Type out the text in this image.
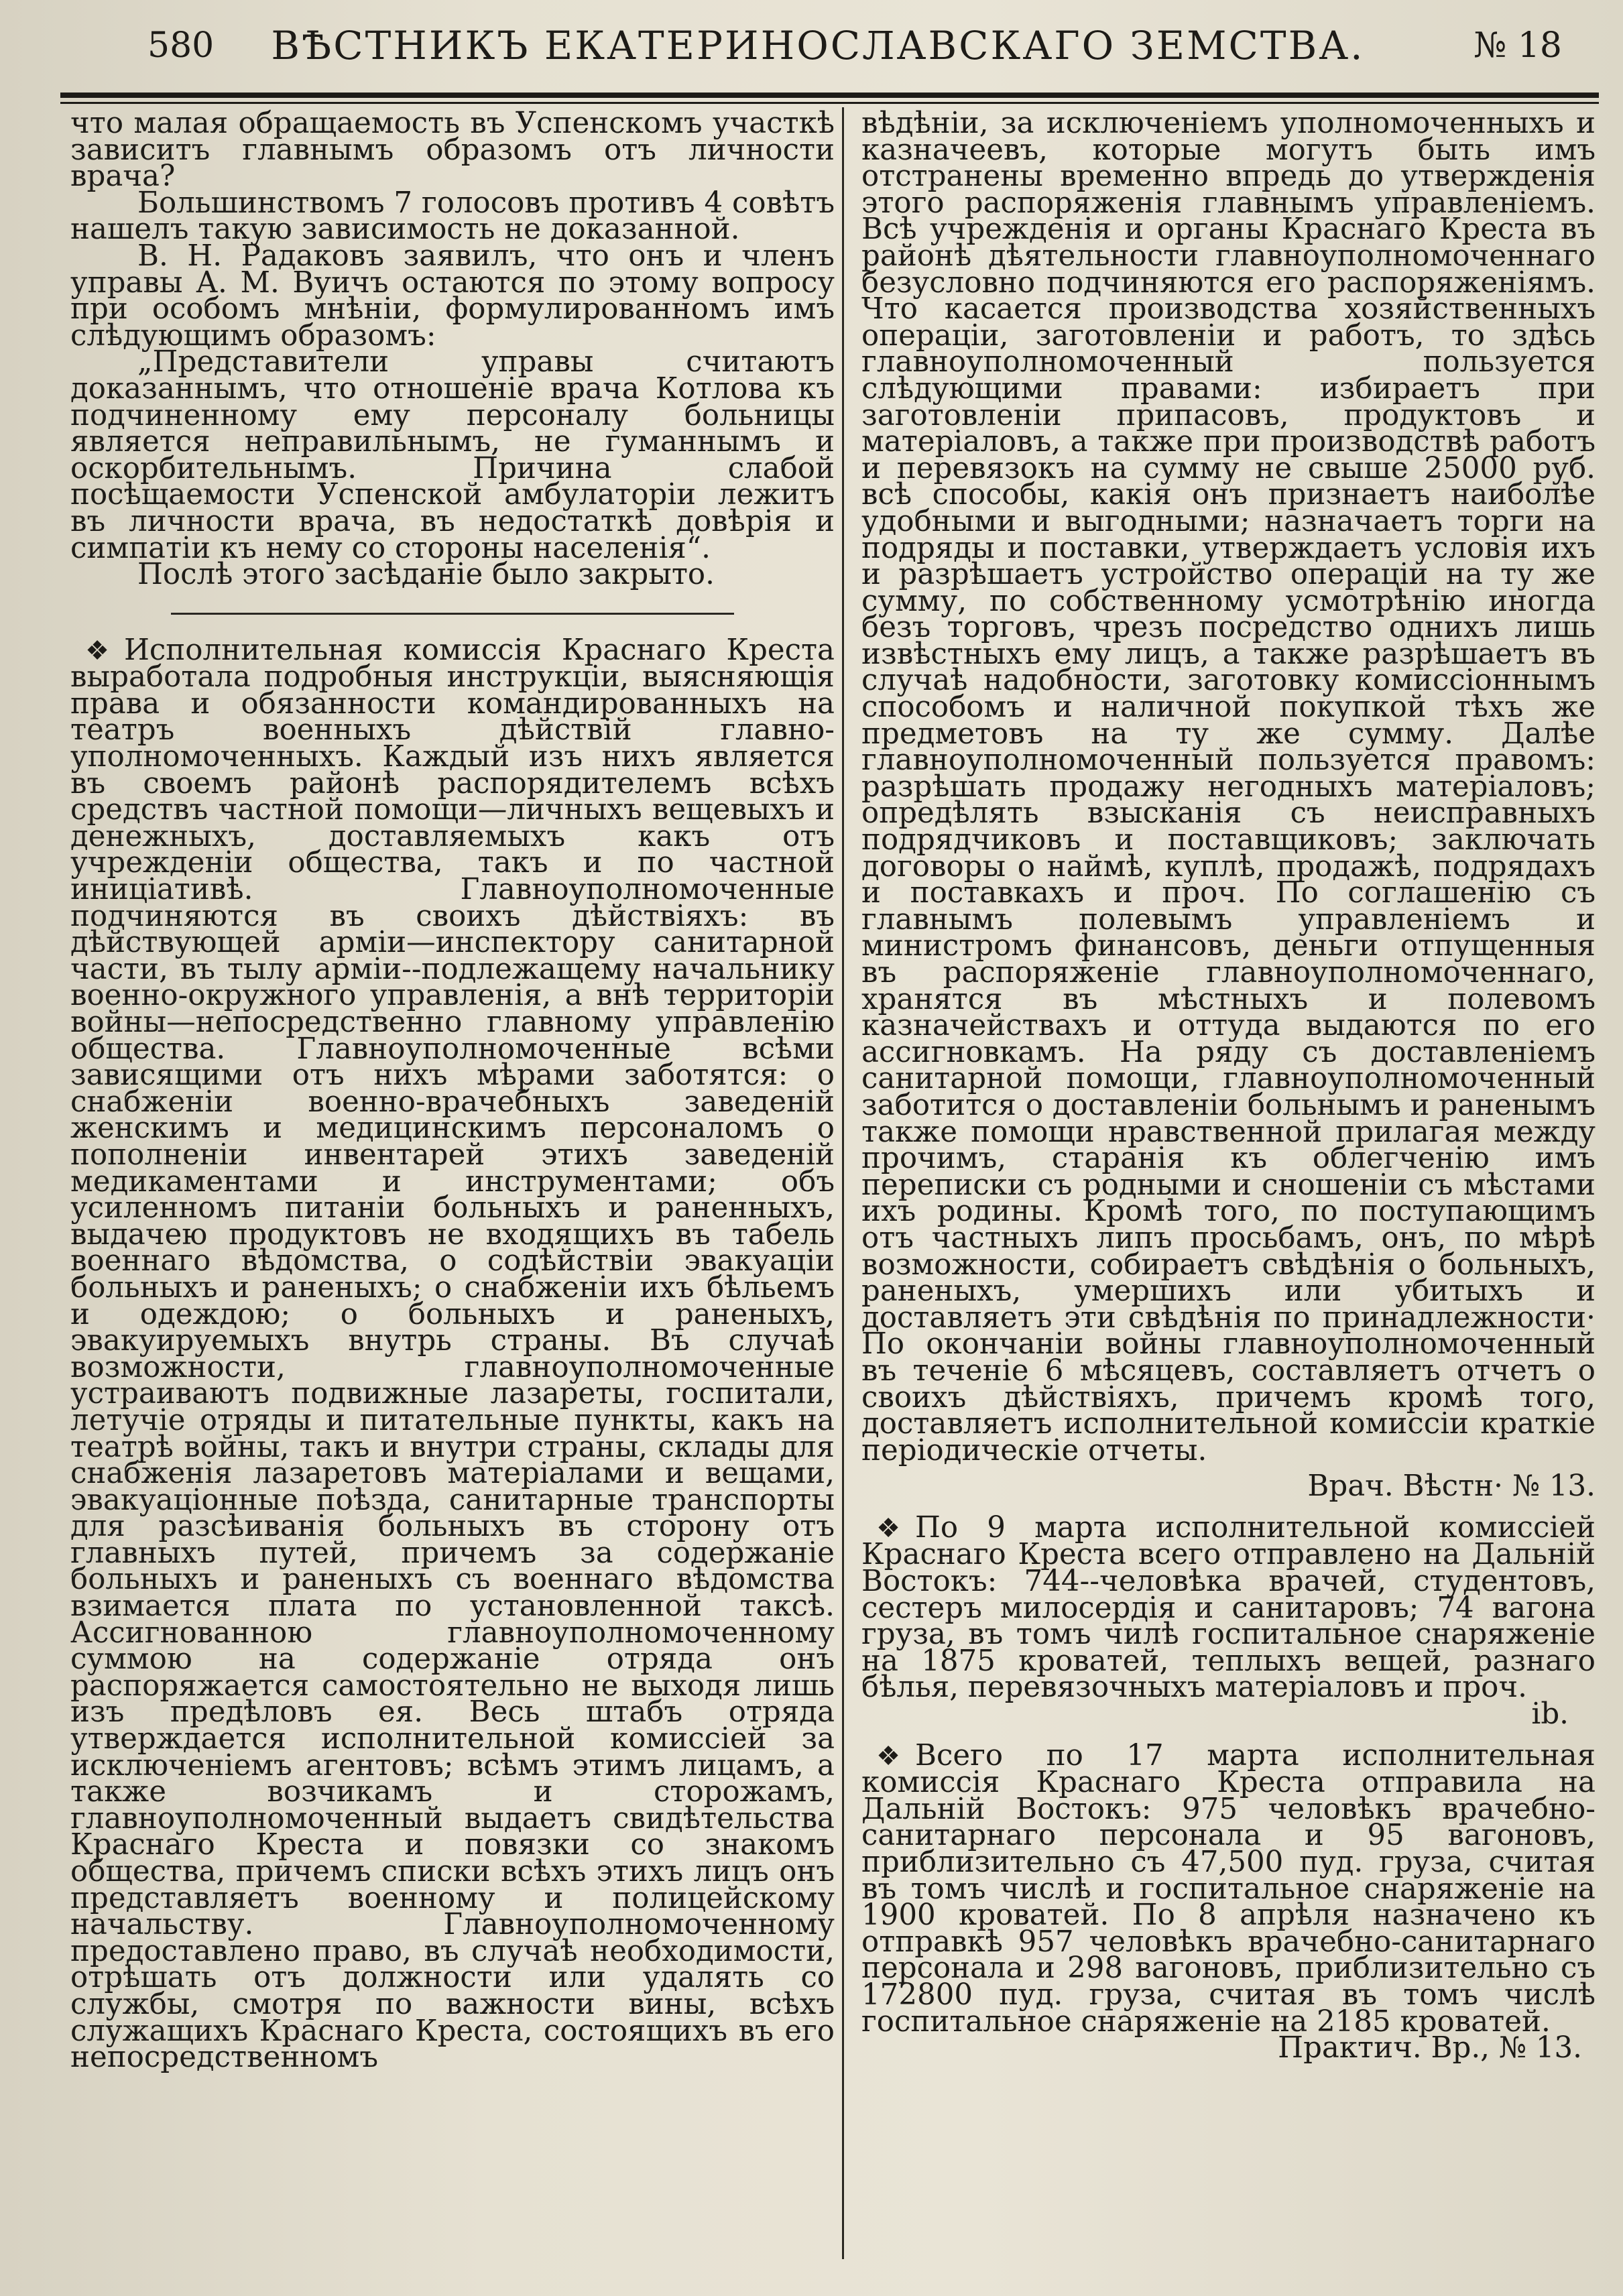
580	ВѢСТНИКЪ ЕКАТЕРИНОСЛАВСКАГО ЗЕМСТВА.	№ 18

что малая обращаемость въ Успенскомъ участкѣ зависитъ главнымъ образомъ отъ личности врача?

Большинствомъ 7 голосовъ противъ 4 совѣтъ нашелъ такую зависимость не доказанной.

В. Н. Радаковъ заявилъ, что онъ и членъ управы А. М. Вуичъ остаются по этому вопросу при особомъ мнѣніи, формулированномъ имъ слѣдующимъ образомъ:

„Представители управы считаютъ доказаннымъ, что отношеніе врача Котлова къ подчиненному ему персоналу больницы является неправильнымъ, не гуманнымъ и оскорбительнымъ. Причина слабой посѣщаемости Успенской амбулаторіи лежитъ въ личности врача, въ недостаткѣ довѣрія и симпатіи къ нему со стороны населенія“.

Послѣ этого засѣданіе было закрыто.

❖ Исполнительная комиссія Краснаго Креста выработала подробныя инструкціи, выясняющія права и обязанности командированныхъ на театръ военныхъ дѣйствій главно-уполномоченныхъ. Каждый изъ нихъ является въ своемъ районѣ распорядителемъ всѣхъ средствъ частной помощи—личныхъ вещевыхъ и денежныхъ, доставляемыхъ какъ отъ учрежденіи общества, такъ и по частной иниціативѣ. Главноуполномоченные подчиняются въ своихъ дѣйствіяхъ: въ дѣйствующей арміи—инспектору санитарной части, въ тылу арміи--подлежащему начальнику военно-окружного управленія, а внѣ территоріи войны—непосредственно главному управленію общества. Главноуполномоченные всѣми зависящими отъ нихъ мѣрами заботятся: о снабженіи военно-врачебныхъ заведеній женскимъ и медицинскимъ персоналомъ о пополненіи инвентарей этихъ заведеній медикаментами и инструментами; объ усиленномъ питаніи больныхъ и раненныхъ, выдачею продуктовъ не входящихъ въ табель военнаго вѣдомства, о содѣйствіи эвакуаціи больныхъ и раненыхъ; о снабженіи ихъ бѣльемъ и одеждою; о больныхъ и раненыхъ, эвакуируемыхъ внутрь страны. Въ случаѣ возможности, главноуполномоченные устраиваютъ подвижные лазареты, госпитали, летучіе отряды и питательные пункты, какъ на театрѣ войны, такъ и внутри страны, склады для снабженія лазаретовъ матеріалами и вещами, эвакуаціонные поѣзда, санитарные транспорты для разсѣиванія больныхъ въ сторону отъ главныхъ путей, причемъ за содержаніе больныхъ и раненыхъ съ военнаго вѣдомства взимается плата по установленной таксѣ. Ассигнованною главноуполномоченному суммою на содержаніе отряда онъ распоряжается самостоятельно не выходя лишь изъ предѣловъ ея. Весь штабъ отряда утверждается исполнительной комиссіей за исключеніемъ агентовъ; всѣмъ этимъ лицамъ, а также возчикамъ и сторожамъ, главноуполномоченный выдаетъ свидѣтельства Краснаго Креста и повязки со знакомъ общества, причемъ списки всѣхъ этихъ лицъ онъ представляетъ военному и полицейскому начальству. Главноуполномоченному предоставлено право, въ случаѣ необходимости, отрѣшать отъ должности или удалять со службы, смотря по важности вины, всѣхъ служащихъ Краснаго Креста, состоящихъ въ его непосредственномъ

вѣдѣніи, за исключеніемъ уполномоченныхъ и казначеевъ, которые могутъ быть имъ отстранены временно впредь до утвержденія этого распоряженія главнымъ управленіемъ. Всѣ учрежденія и органы Краснаго Креста въ районѣ дѣятельности главноуполномоченнаго безусловно подчиняются его распоряженіямъ. Что касается производства хозяйственныхъ операціи, заготовленіи и работъ, то здѣсь главноуполномоченный пользуется слѣдующими правами: избираетъ при заготовленіи припасовъ, продуктовъ и матеріаловъ, а также при производствѣ работъ и перевязокъ на сумму не свыше 25000 руб. всѣ способы, какія онъ признаетъ наиболѣе удобными и выгодными; назначаетъ торги на подряды и поставки, утверждаетъ условія ихъ и разрѣшаетъ устройство операціи на ту же сумму, по собственному усмотрѣнію иногда безъ торговъ, чрезъ посредство однихъ лишь извѣстныхъ ему лицъ, а также разрѣшаетъ въ случаѣ надобности, заготовку комиссіоннымъ способомъ и наличной покупкой тѣхъ же предметовъ на ту же сумму. Далѣе главноуполномоченный пользуется правомъ: разрѣшать продажу негодныхъ матеріаловъ; опредѣлять взысканія съ неисправныхъ подрядчиковъ и поставщиковъ; заключать договоры о наймѣ, куплѣ, продажѣ, подрядахъ и поставкахъ и проч. По соглашенію съ главнымъ полевымъ управленіемъ и министромъ финансовъ, деньги отпущенныя въ распоряженіе главноуполномоченнаго, хранятся въ мѣстныхъ и полевомъ казначействахъ и оттуда выдаются по его ассигновкамъ. На ряду съ доставленіемъ санитарной помощи, главноуполномоченный заботится о доставленіи больнымъ и раненымъ также помощи нравственной прилагая между прочимъ, старанія къ облегченію имъ переписки съ родными и сношеніи съ мѣстами ихъ родины. Кромѣ того, по поступающимъ отъ частныхъ липъ просьбамъ, онъ, по мѣрѣ возможности, собираетъ свѣдѣнія о больныхъ, раненыхъ, умершихъ или убитыхъ и доставляетъ эти свѣдѣнія по принадлежности· По окончаніи войны главноуполномоченный въ теченіе 6 мѣсяцевъ, составляетъ отчетъ о своихъ дѣйствіяхъ, причемъ кромѣ того, доставляетъ исполнительной комиссіи краткіе періодическіе отчеты.

Врач. Вѣстн· № 13.

❖ По 9 марта исполнительной комиссіей Краснаго Креста всего отправлено на Дальній Востокъ: 744--человѣка врачей, студентовъ, сестеръ милосердія и санитаровъ; 74 вагона груза, въ томъ чилѣ госпитальное снаряженіе на 1875 кроватей, теплыхъ вещей, разнаго бѣлья, перевязочныхъ матеріаловъ и проч.

ib.

❖ Всего по 17 марта исполнительная комиссія Краснаго Креста отправила на Дальній Востокъ: 975 человѣкъ врачебно-санитарнаго персонала и 95 вагоновъ, приблизительно съ 47,500 пуд. груза, считая въ томъ числѣ и госпитальное снаряженіе на 1900 кроватей. По 8 апрѣля назначено къ отправкѣ 957 человѣкъ врачебно-санитарнаго персонала и 298 вагоновъ, приблизительно съ 172800 пуд. груза, считая въ томъ числѣ госпитальное снаряженіе на 2185 кроватей.

Практич. Вр., № 13.
